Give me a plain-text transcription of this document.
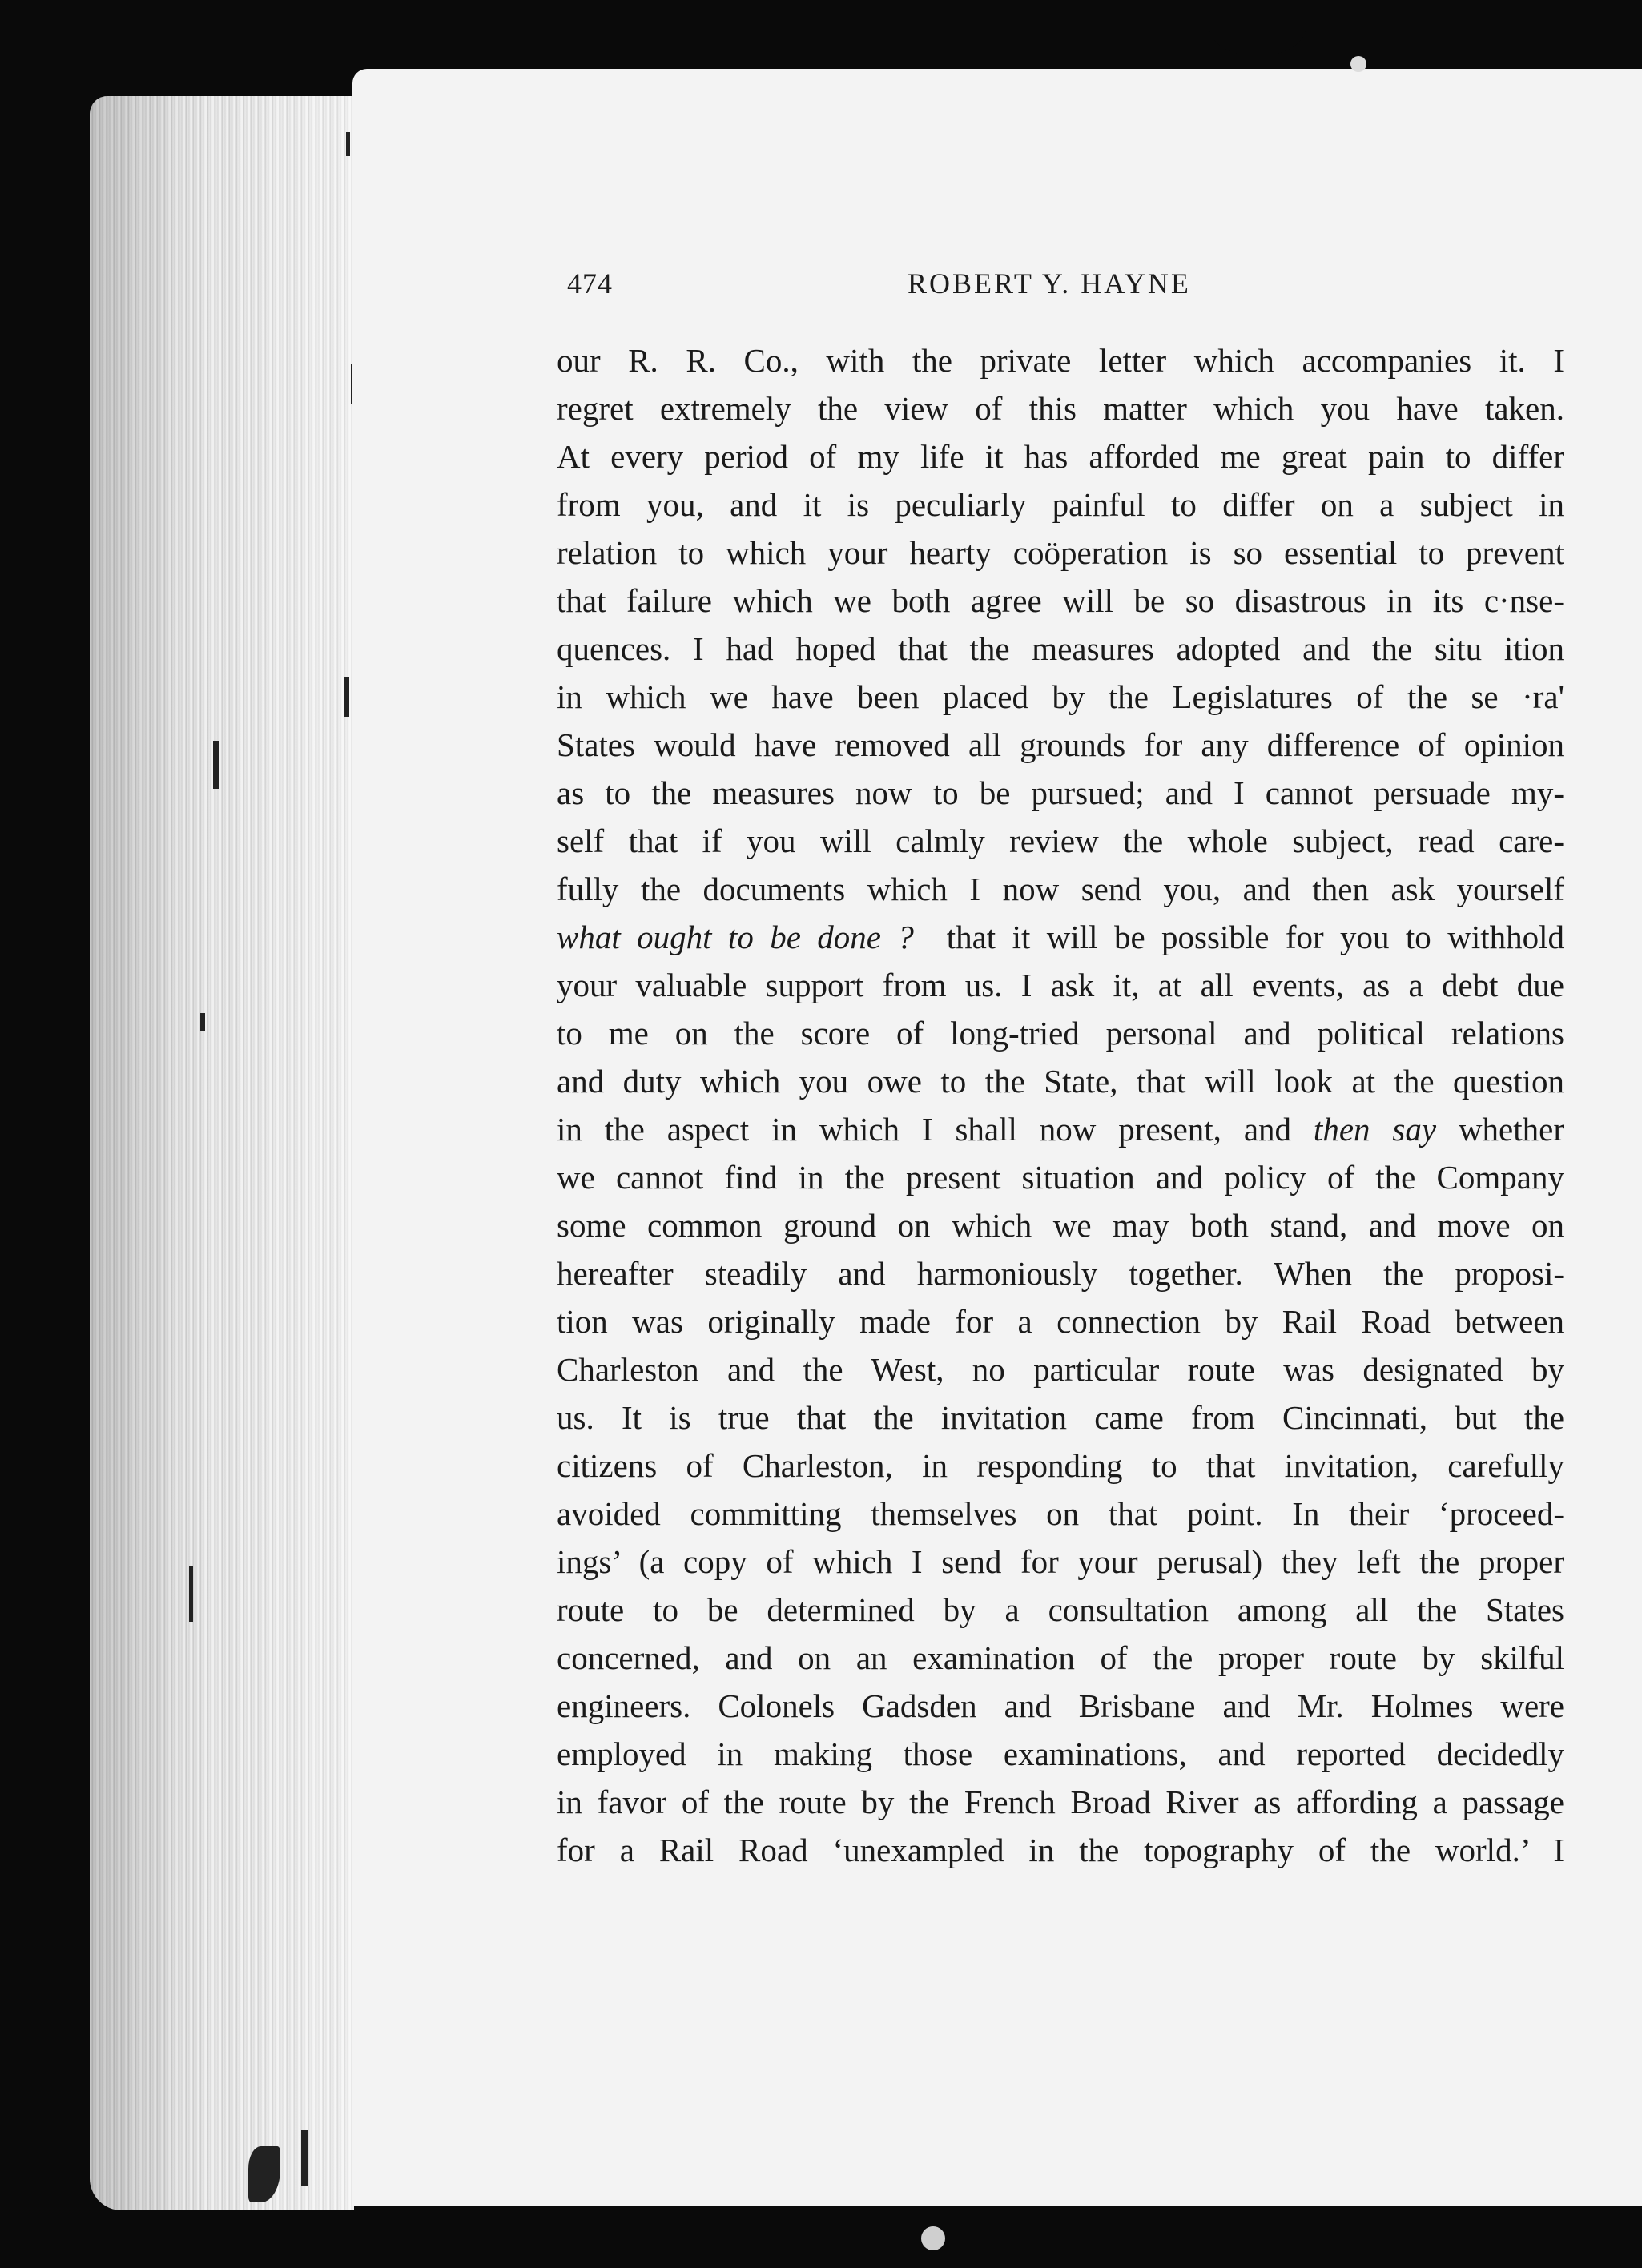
474	ROBERT Y. HAYNE
our R. R. Co., with the private letter which accompanies it. I
regret extremely the view of this matter which you have taken.
At every period of my life it has afforded me great pain to differ
from you, and it is peculiarly painful to differ on a subject in
relation to which your hearty coöperation is so essential to prevent
that failure which we both agree will be so disastrous in its c·nse-
quences. I had hoped that the measures adopted and the situ ition
in which we have been placed by the Legislatures of the se ·ra'
States would have removed all grounds for any difference of opinion
as to the measures now to be pursued; and I cannot persuade my-
self that if you will calmly review the whole subject, read care-
fully the documents which I now send you, and then ask yourself
what ought to be done ? that it will be possible for you to withhold
your valuable support from us. I ask it, at all events, as a debt due
to me on the score of long-tried personal and political relations
and duty which you owe to the State, that will look at the question
in the aspect in which I shall now present, and then say whether
we cannot find in the present situation and policy of the Company
some common ground on which we may both stand, and move on
hereafter steadily and harmoniously together. When the proposi-
tion was originally made for a connection by Rail Road between
Charleston and the West, no particular route was designated by
us. It is true that the invitation came from Cincinnati, but the
citizens of Charleston, in responding to that invitation, carefully
avoided committing themselves on that point. In their ‘proceed-
ings’ (a copy of which I send for your perusal) they left the proper
route to be determined by a consultation among all the States
concerned, and on an examination of the proper route by skilful
engineers. Colonels Gadsden and Brisbane and Mr. Holmes were
employed in making those examinations, and reported decidedly
in favor of the route by the French Broad River as affording a passage
for a Rail Road ‘unexampled in the topography of the world.’ I
